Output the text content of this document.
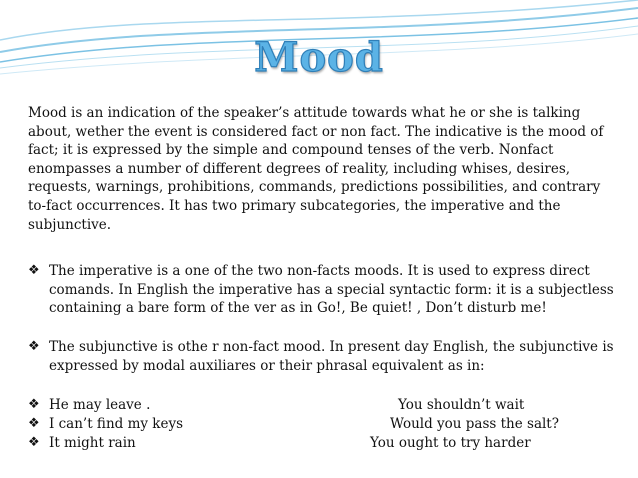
Mood

Mood is an indication of the speaker’s attitude towards what he or she is talking about, wether the event is considered fact or non fact. The indicative is the mood of fact; it is expressed by the simple and compound tenses of the verb. Nonfact enompasses a number of different degrees of reality, including whises, desires, requests, warnings, prohibitions, commands, predictions possibilities, and contrary to-fact occurrences. It has two primary subcategories, the imperative and the subjunctive.

❖ The imperative is a one of the two non-facts moods. It is used to express direct comands. In English the imperative has a special syntactic form: it is a subjectless containing a bare form of the ver as in Go!, Be quiet! , Don’t disturb me!
❖ The subjunctive is othe r non-fact mood. In present day English, the subjunctive is expressed by modal auxiliares or their phrasal equivalent as in:
❖ He may leave .	You shouldn’t wait
❖ I can’t find my keys	Would you pass the salt?
❖ It might rain	You ought to try harder
